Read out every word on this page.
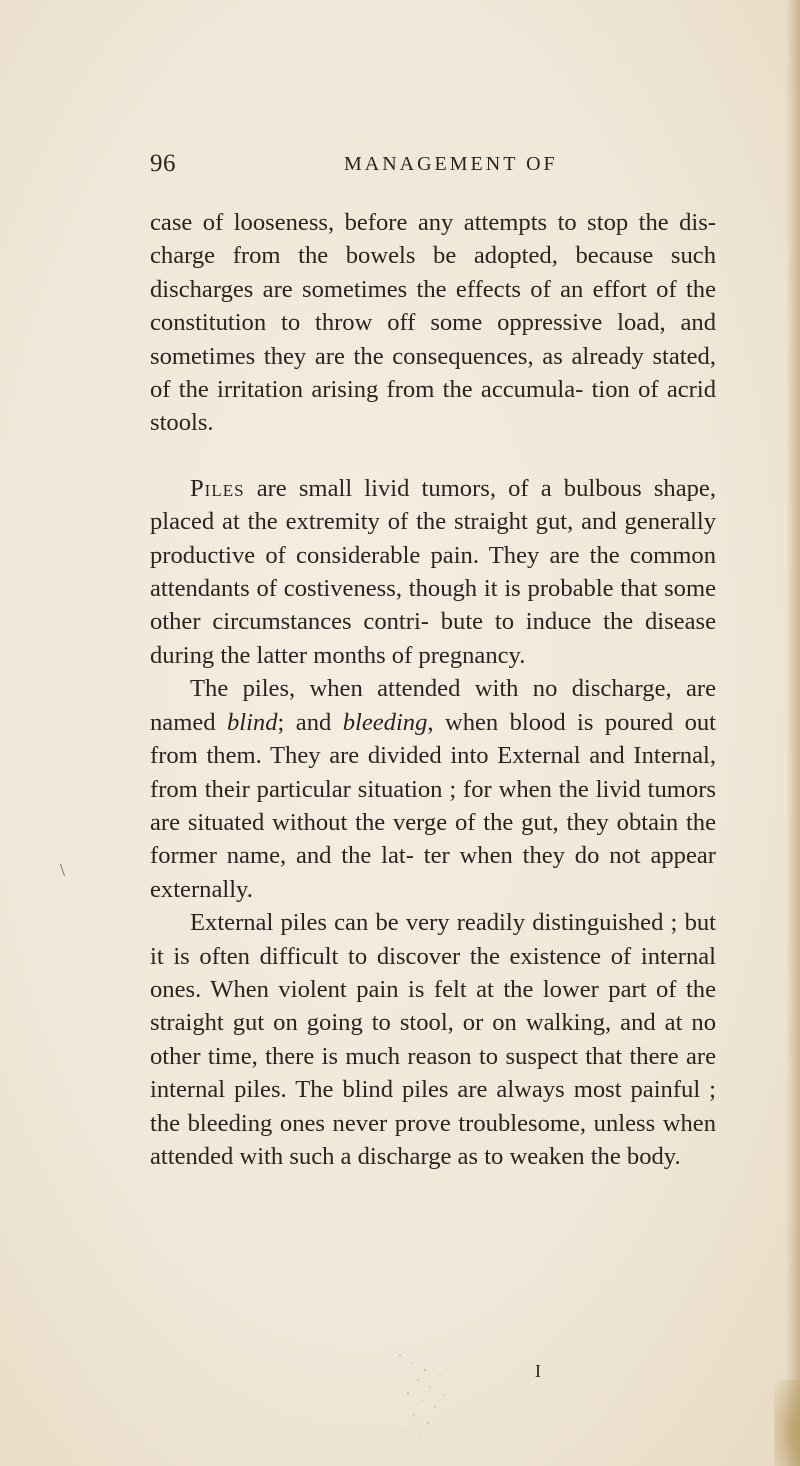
96	MANAGEMENT OF
\

case of looseness, before any attempts to stop the dis- charge from the bowels be adopted, because such discharges are sometimes the effects of an effort of the constitution to throw off some oppressive load, and sometimes they are the consequences, as already stated, of the irritation arising from the accumula- tion of acrid stools.

Piles are small livid tumors, of a bulbous shape, placed at the extremity of the straight gut, and generally productive of considerable pain. They are the common attendants of costiveness, though it is probable that some other circumstances contri- bute to induce the disease during the latter months of pregnancy.

The piles, when attended with no discharge, are named blind; and bleeding, when blood is poured out from them. They are divided into External and Internal, from their particular situation ; for when the livid tumors are situated without the verge of the gut, they obtain the former name, and the lat- ter when they do not appear externally.

External piles can be very readily distinguished ; but it is often difficult to discover the existence of internal ones. When violent pain is felt at the lower part of the straight gut on going to stool, or on walking, and at no other time, there is much reason to suspect that there are internal piles. The blind piles are always most painful ; the bleeding ones never prove troublesome, unless when attended with such a discharge as to weaken the body.

I
